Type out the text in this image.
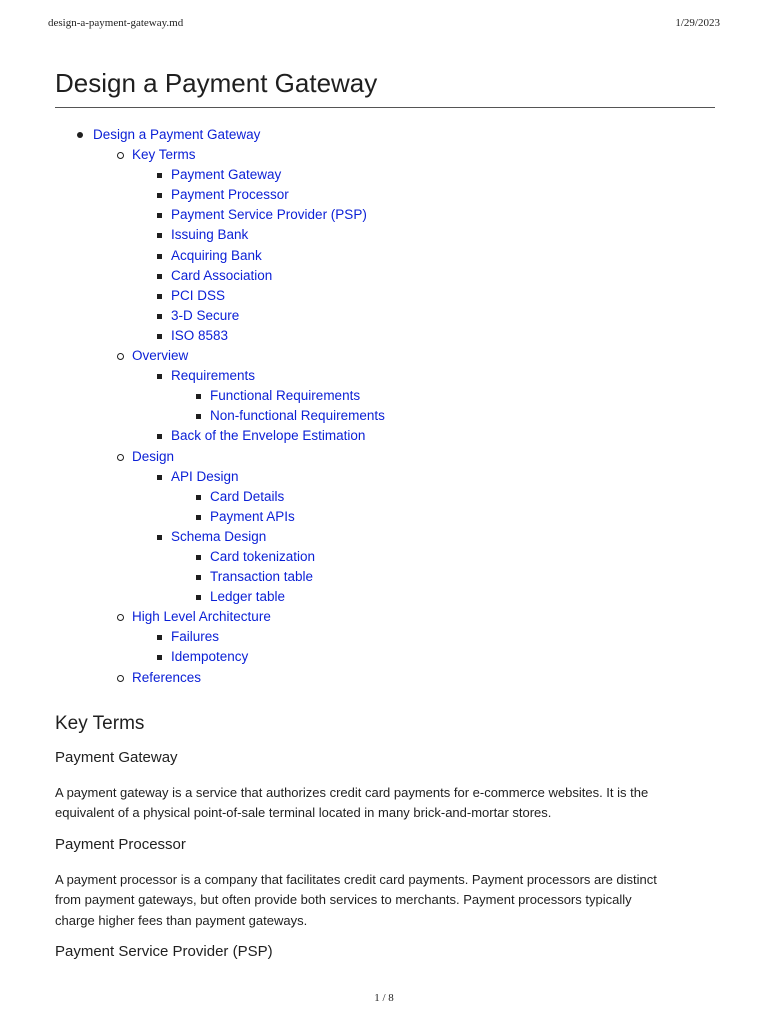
design-a-payment-gateway.md	1/29/2023
Design a Payment Gateway
Design a Payment Gateway
Key Terms
Payment Gateway
Payment Processor
Payment Service Provider (PSP)
Issuing Bank
Acquiring Bank
Card Association
PCI DSS
3-D Secure
ISO 8583
Overview
Requirements
Functional Requirements
Non-functional Requirements
Back of the Envelope Estimation
Design
API Design
Card Details
Payment APIs
Schema Design
Card tokenization
Transaction table
Ledger table
High Level Architecture
Failures
Idempotency
References
Key Terms
Payment Gateway

A payment gateway is a service that authorizes credit card payments for e-commerce websites. It is the
equivalent of a physical point-of-sale terminal located in many brick-and-mortar stores.

Payment Processor

A payment processor is a company that facilitates credit card payments. Payment processors are distinct
from payment gateways, but often provide both services to merchants. Payment processors typically
charge higher fees than payment gateways.

Payment Service Provider (PSP)
1 / 8
